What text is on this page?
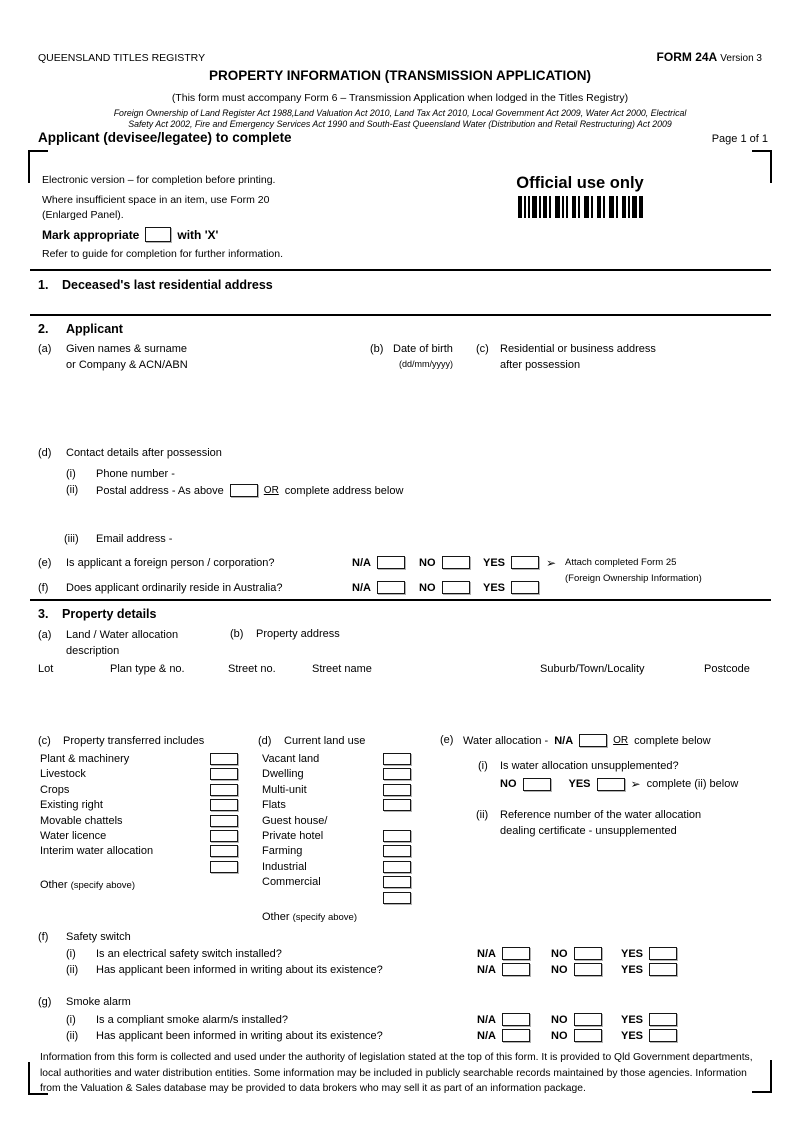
QUEENSLAND TITLES REGISTRY	FORM 24A Version 3
PROPERTY INFORMATION (TRANSMISSION APPLICATION)
(This form must accompany Form 6 – Transmission Application when lodged in the Titles Registry)
Foreign Ownership of Land Register Act 1988,Land Valuation Act 2010, Land Tax Act 2010, Local Government Act 2009, Water Act 2000, Electrical
Safety Act 2002, Fire and Emergency Services Act 1990 and South-East Queensland Water (Distribution and Retail Restructuring) Act 2009
Applicant (devisee/legatee) to complete	Page 1 of 1
Electronic version – for completion before printing.
Where insufficient space in an item, use Form 20
(Enlarged Panel).
Mark appropriate	with 'X'
Refer to guide for completion for further information.
Official use only
1. Deceased's last residential address
2. Applicant
(a) Given names & surname
or Company & ACN/ABN
(b) Date of birth
(dd/mm/yyyy)
(c) Residential or business address
after possession
(d) Contact details after possession
(i) Phone number -
(ii) Postal address - As above	OR complete address below
(iii) Email address -
(e) Is applicant a foreign person / corporation?	N/A	NO	YES	➢ Attach completed Form 25
(Foreign Ownership Information)
(f) Does applicant ordinarily reside in Australia?	N/A	NO	YES
3. Property details
(a) Land / Water allocation
description
(b) Property address
Lot	Plan type & no.	Street no.	Street name	Suburb/Town/Locality	Postcode
(c) Property transferred includes
Plant & machinery
Livestock
Crops
Existing right
Movable chattels
Water licence
Interim water allocation
Other (specify above)
(d) Current land use
Vacant land
Dwelling
Multi-unit
Flats
Guest house/
Private hotel
Farming
Industrial
Commercial
Other (specify above)
(e) Water allocation - N/A	OR complete below
(i) Is water allocation unsupplemented?
NO	YES	➢ complete (ii) below
(ii) Reference number of the water allocation
dealing certificate - unsupplemented
(f) Safety switch
(i) Is an electrical safety switch installed?	N/A	NO	YES
(ii) Has applicant been informed in writing about its existence?	N/A	NO	YES
(g) Smoke alarm
(i) Is a compliant smoke alarm/s installed?	N/A	NO	YES
(ii) Has applicant been informed in writing about its existence?	N/A	NO	YES
Information from this form is collected and used under the authority of legislation stated at the top of this form. It is provided to Qld Government departments, local authorities and water distribution entities. Some information may be included in publicly searchable records maintained by those agencies. Information from the Valuation & Sales database may be provided to data brokers who may sell it as part of an information package.
